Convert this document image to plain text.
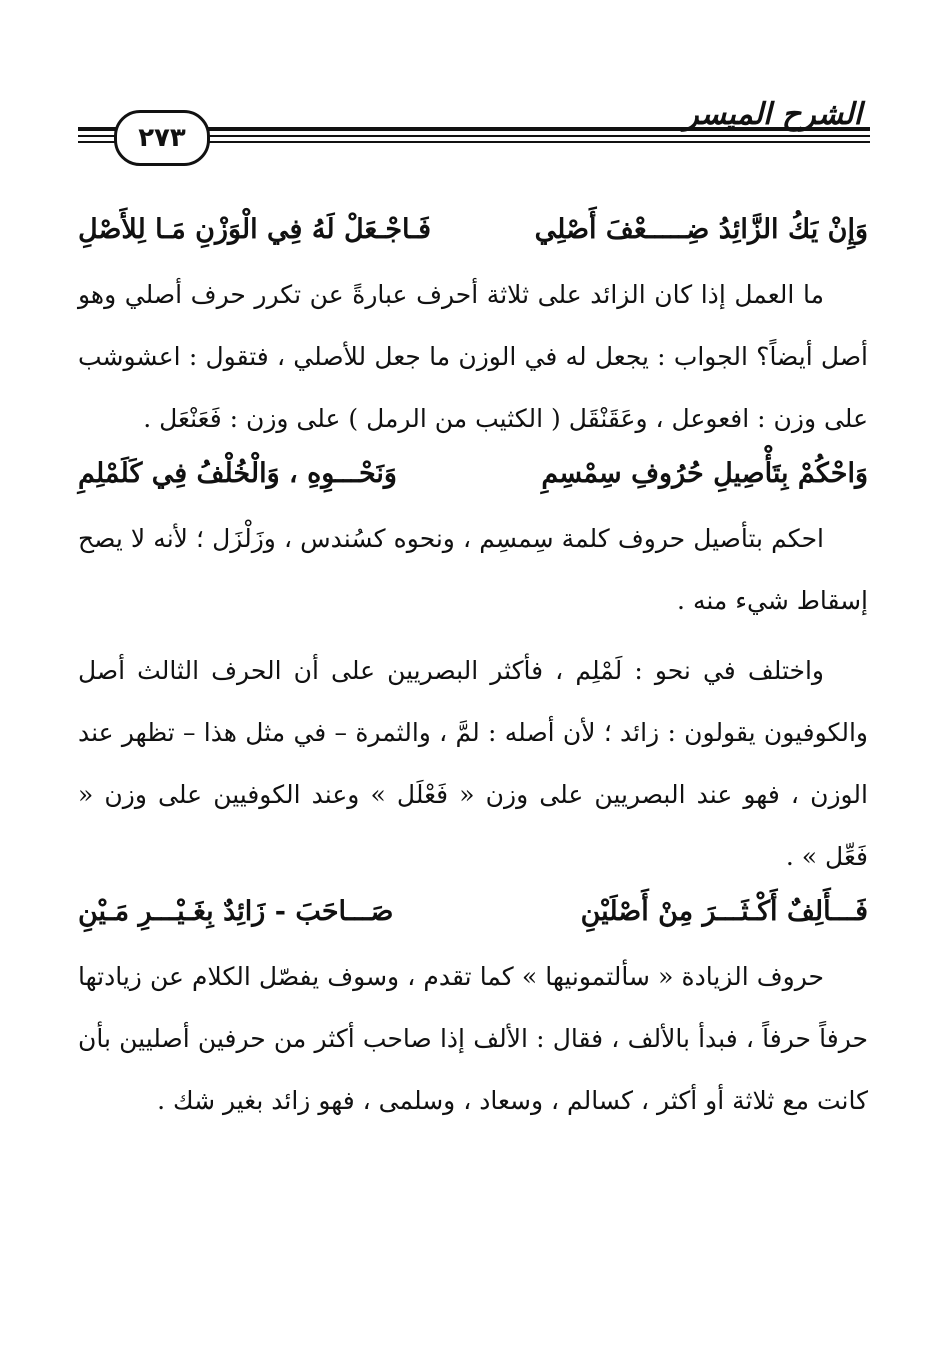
٢٧٣
الشرح الميسر
وَإِنْ يَكُ الزَّائِدُ ضِـــــعْفَ أَصْلِي
فَـاجْـعَلْ لَهُ فِي الْوَزْنِ مَـا لِلأَصْلِ

ما العمل إذا كان الزائد على ثلاثة أحرف عبارةً عن تكرر حرف أصلي وهو أصل أيضاً؟ الجواب : يجعل له في الوزن ما جعل للأصلي ، فتقول : اعشوشب على وزن : افعوعل ، وعَقَنْقَل ( الكثيب من الرمل ) على وزن : فَعَنْعَل .

وَاحْكُمْ بِتَأْصِيلِ حُرُوفِ سِمْسِمِ
وَنَحْـــوِهِ ، وَالْخُلْفُ فِي كَلَمْلِمِ

احكم بتأصيل حروف كلمة سِمسِم ، ونحوه كسُندس ، وزَلْزَل ؛ لأنه لا يصح إسقاط شيء منه .

واختلف في نحو : لَمْلِم ، فأكثر البصريين على أن الحرف الثالث أصل والكوفيون يقولون : زائد ؛ لأن أصله : لمَّ ، والثمرة – في مثل هذا – تظهر عند الوزن ، فهو عند البصريين على وزن « فَعْلَل » وعند الكوفيين على وزن « فَعِّل » .

فَـــأَلِفٌ أَكْـثَـــرَ مِنْ أَصْلَيْنِ
صَـــاحَبَ - زَائِدٌ بِغَـيْـــرِ مَـيْنِ

حروف الزيادة « سألتمونيها » كما تقدم ، وسوف يفصّل الكلام عن زيادتها حرفاً حرفاً ، فبدأ بالألف ، فقال : الألف إذا صاحب أكثر من حرفين أصليين بأن كانت مع ثلاثة أو أكثر ، كسالم ، وسعاد ، وسلمى ، فهو زائد بغير شك .
